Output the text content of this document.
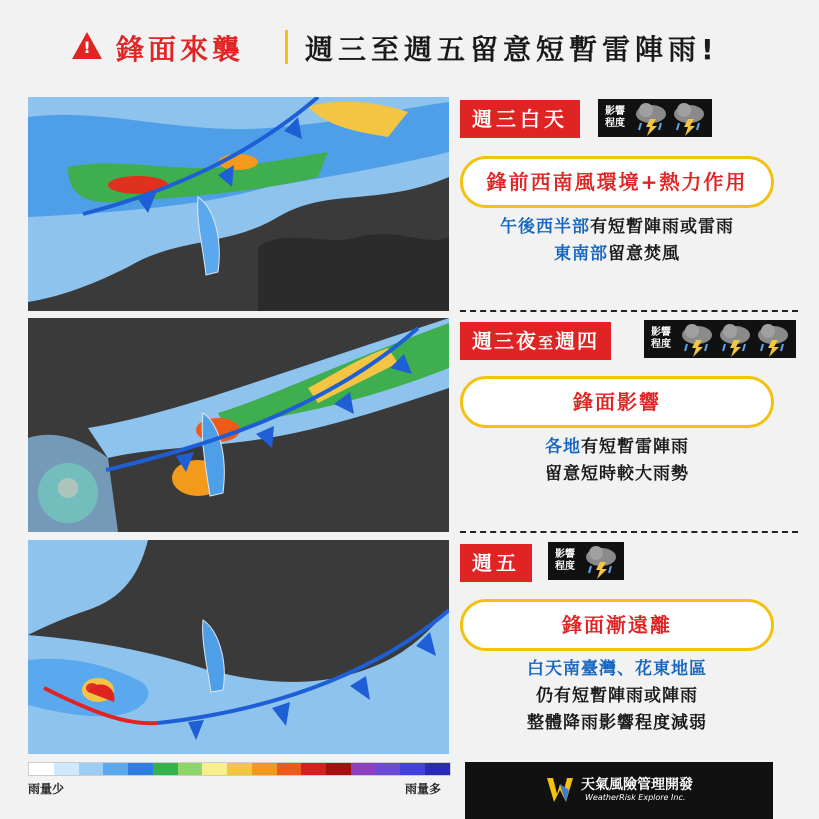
! 鋒面來襲 週三至週五留意短暫雷陣雨!
週三白天	影響
程度
鋒前西南風環境+熱力作用
午後西半部有短暫陣雨或雷雨
東南部留意焚風
週三夜至週四	影響
程度
鋒面影響
各地有短暫雷陣雨
留意短時較大雨勢
週五	影響
程度
鋒面漸遠離
白天南臺灣、花東地區
仍有短暫陣雨或陣雨
整體降雨影響程度減弱
雨量少	雨量多	天氣風險管理開發
WeatherRisk Explore Inc.
